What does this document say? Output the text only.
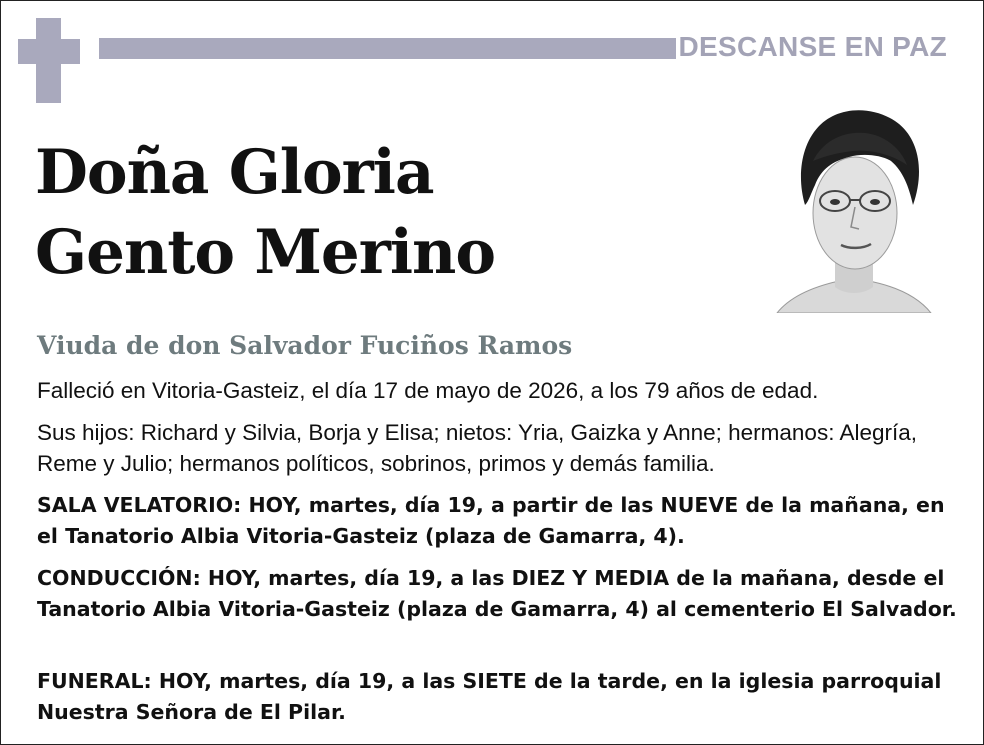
DESCANSE EN PAZ
Doña Gloria
Gento Merino
Viuda de don Salvador Fuciños Ramos
Falleció en Vitoria-Gasteiz, el día 17 de mayo de 2026, a los 79 años de edad.
Sus hijos: Richard y Silvia, Borja y Elisa; nietos: Yria, Gaizka y Anne; hermanos: Alegría, Reme y Julio; hermanos políticos, sobrinos, primos y demás familia.
SALA VELATORIO: HOY, martes, día 19, a partir de las NUEVE de la mañana, en el Tanatorio Albia Vitoria-Gasteiz (plaza de Gamarra, 4).
CONDUCCIÓN: HOY, martes, día 19, a las DIEZ Y MEDIA de la mañana, desde el Tanatorio Albia Vitoria-Gasteiz (plaza de Gamarra, 4) al cementerio El Salvador.
FUNERAL: HOY, martes, día 19, a las SIETE de la tarde, en la iglesia parroquial Nuestra Señora de El Pilar.
